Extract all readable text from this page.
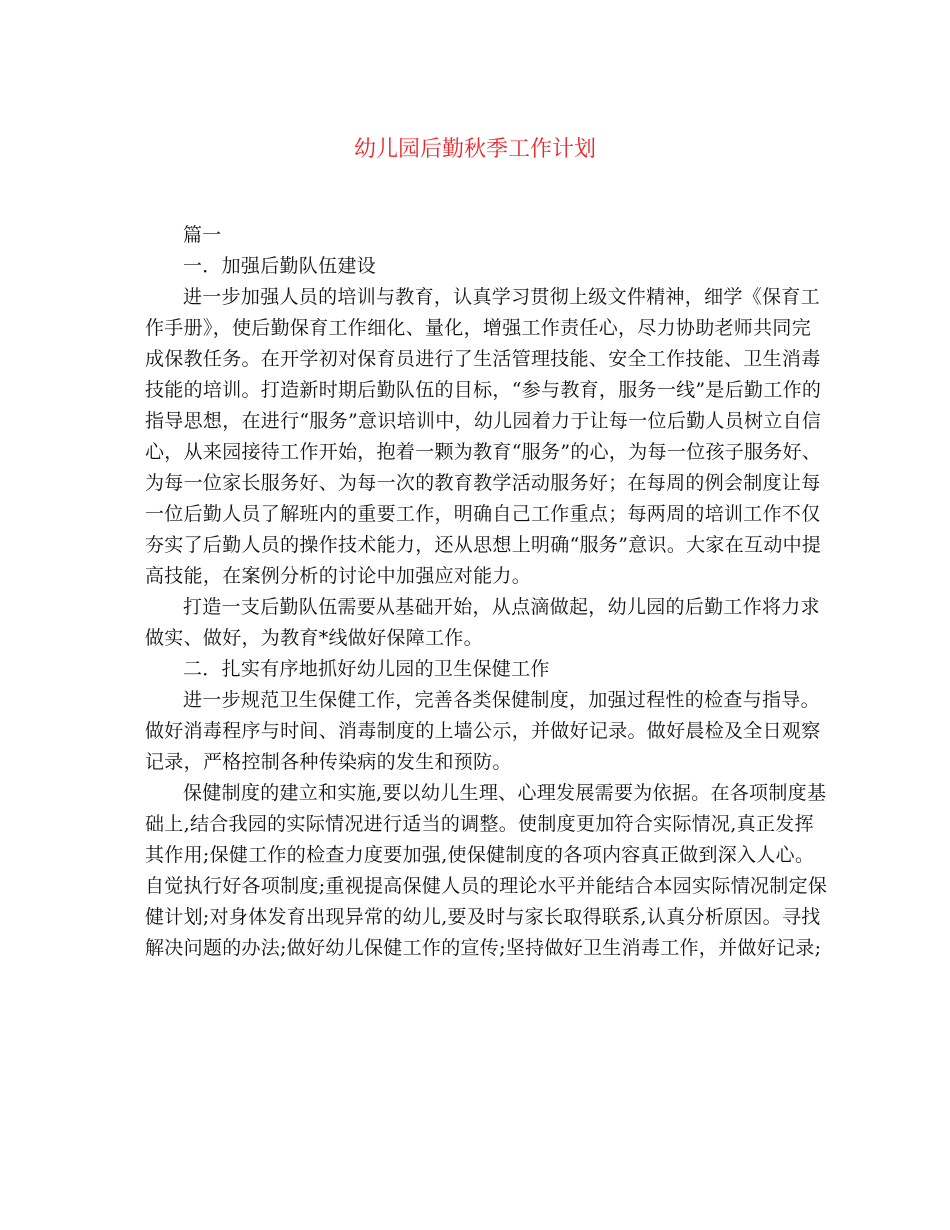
幼儿园后勤秋季工作计划
篇一
一．加强后勤队伍建设
进一步加强人员的培训与教育，认真学习贯彻上级文件精神，细学《保育工
作手册》，使后勤保育工作细化、量化，增强工作责任心，尽力协助老师共同完
成保教任务。在开学初对保育员进行了生活管理技能、安全工作技能、卫生消毒
技能的培训。打造新时期后勤队伍的目标，“参与教育，服务一线”是后勤工作的
指导思想，在进行“服务”意识培训中，幼儿园着力于让每一位后勤人员树立自信
心，从来园接待工作开始，抱着一颗为教育“服务”的心，为每一位孩子服务好、
为每一位家长服务好、为每一次的教育教学活动服务好；在每周的例会制度让每
一位后勤人员了解班内的重要工作，明确自己工作重点；每两周的培训工作不仅
夯实了后勤人员的操作技术能力，还从思想上明确“服务”意识。大家在互动中提
高技能，在案例分析的讨论中加强应对能力。
打造一支后勤队伍需要从基础开始，从点滴做起，幼儿园的后勤工作将力求
做实、做好，为教育*线做好保障工作。
二．扎实有序地抓好幼儿园的卫生保健工作
进一步规范卫生保健工作，完善各类保健制度，加强过程性的检查与指导。
做好消毒程序与时间、消毒制度的上墙公示，并做好记录。做好晨检及全日观察
记录，严格控制各种传染病的发生和预防。
保健制度的建立和实施,要以幼儿生理、心理发展需要为依据。在各项制度基
础上,结合我园的实际情况进行适当的调整。使制度更加符合实际情况,真正发挥
其作用;保健工作的检查力度要加强,使保健制度的各项内容真正做到深入人心。
自觉执行好各项制度;重视提高保健人员的理论水平并能结合本园实际情况制定保
健计划;对身体发育出现异常的幼儿,要及时与家长取得联系,认真分析原因。寻找
解决问题的办法;做好幼儿保健工作的宣传;坚持做好卫生消毒工作，并做好记录;
